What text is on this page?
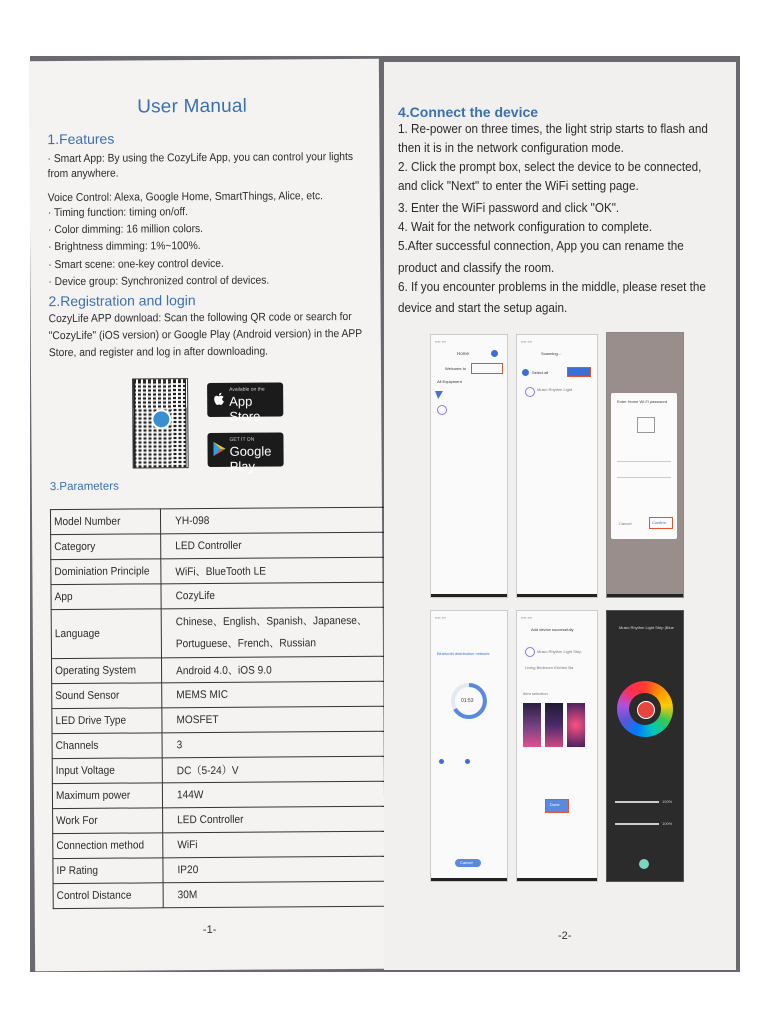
User Manual
1.Features
· Smart App: By using the CozyLife App, you can control your lights
from anywhere.
Voice Control: Alexa, Google Home, SmartThings, Alice, etc.
· Timing function: timing on/off.
· Color dimming: 16 million colors.
· Brightness dimming: 1%~100%.
· Smart scene: one-key control device.
· Device group: Synchronized control of devices.
2.Registration and login
CozyLife APP download: Scan the following QR code or search for
"CozyLife" (iOS version) or Google Play (Android version) in the APP
Store, and register and log in after downloading.
Available on the
App Store
GET IT ON
Google Play
3.Parameters
Model Number	YH-098
Category	LED Controller
Dominiation Principle	WiFi、BlueTooth LE
App	CozyLife
Language	Chinese、English、Spanish、Japanese、
Portuguese、French、Russian
Operating System	Android 4.0、iOS 9.0
Sound Sensor	MEMS MIC
LED Drive Type	MOSFET
Channels	3
Input Voltage	DC（5-24）V
Maximum power	144W
Work For	LED Controller
Connection method	WiFi
IP Rating	IP20
Control Distance	30M
-1-
4.Connect the device
1. Re-power on three times, the light strip starts to flash and
then it is in the network configuration mode.
2. Click the prompt box, select the device to be connected,
and click "Next" to enter the WiFi setting page.
3. Enter the WiFi password and click "OK".
4. Wait for the network configuration to complete.
5.After successful connection, App you can rename the
product and classify the room.
6. If you encounter problems in the middle, please reset the
device and start the setup again.
▪▪▪▪ ▪▪▪
Home
Welcome to
All Equipment
▪▪▪▪ ▪▪▪
Scanning...
Select all
Music Rhythm Light
Enter Home Wi-Fi password
Cancel	Confirm
▪▪▪▪ ▪▪▪
Bluetooth distribution network
01:53
Cancel
▪▪▪▪ ▪▪▪
Add device successfully
Music Rhythm Light Strip
Living Bedroom Kitchen Ba
Item selection
Done
Music Rhythm Light Strip (Blue
100%
100%
-2-
